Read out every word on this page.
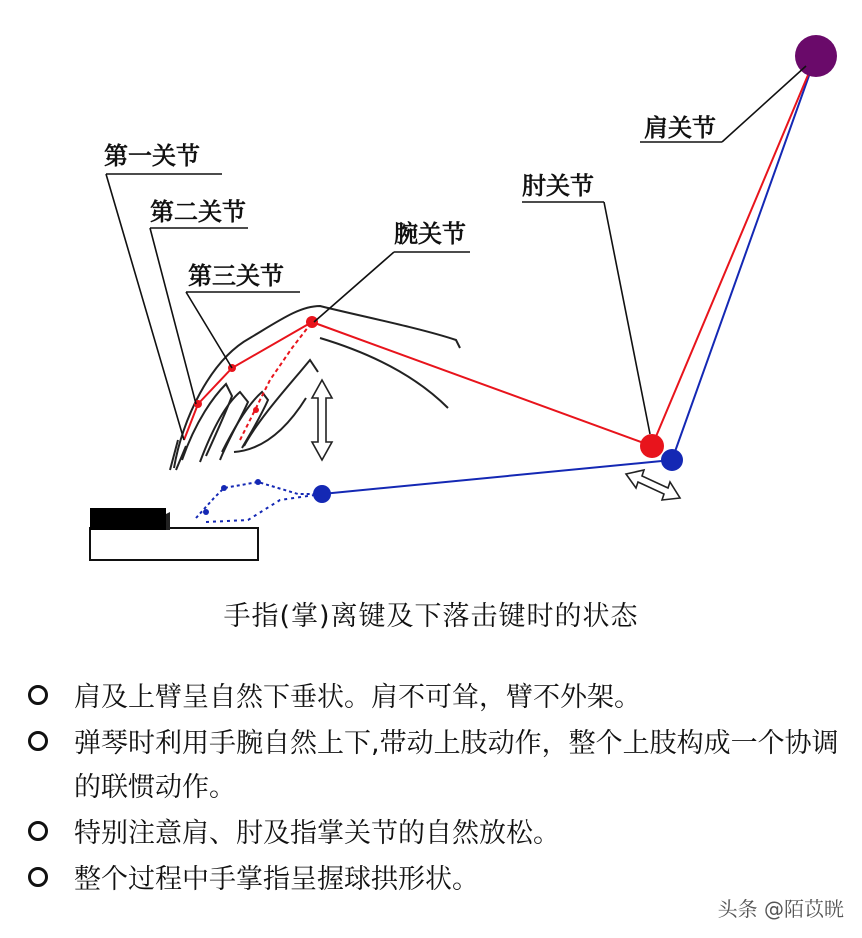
第一关节
第二关节
第三关节
腕关节
肘关节
肩关节
手指(掌)离键及下落击键时的状态
肩及上臂呈自然下垂状。肩不可耸，臂不外架。
弹琴时利用手腕自然上下,带动上肢动作，整个上肢构成一个协调的联惯动作。
特别注意肩、肘及指掌关节的自然放松。
整个过程中手掌指呈握球拱形状。
头条 @陌苡晄
